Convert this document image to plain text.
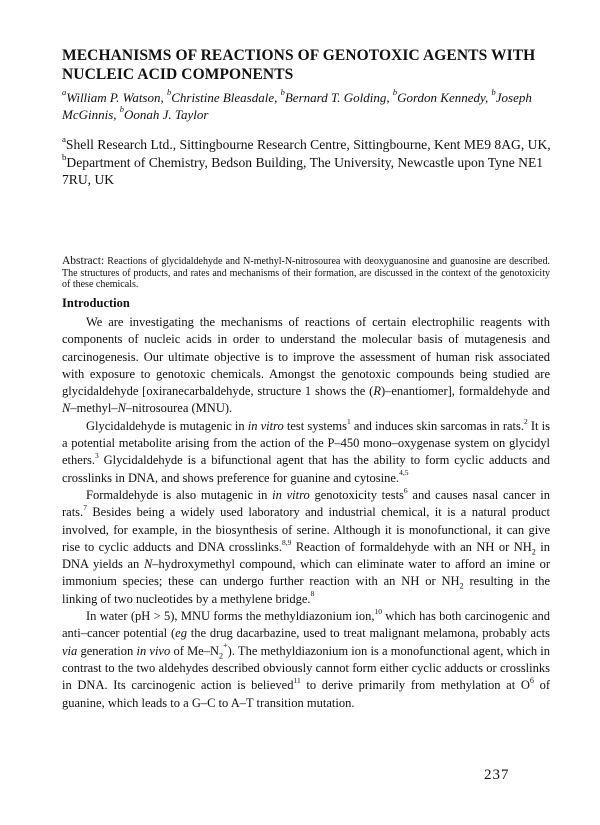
MECHANISMS OF REACTIONS OF GENOTOXIC AGENTS WITH
NUCLEIC ACID COMPONENTS
$^a$William P. Watson, $^b$Christine Bleasdale, $^b$Bernard T. Golding, $^b$Gordon Kennedy, $^b$Joseph McGinnis, $^b$Oonah J. Taylor
$^a$Shell Research Ltd., Sittingbourne Research Centre, Sittingbourne, Kent ME9 8AG, UK, $^b$Department of Chemistry, Bedson Building, The University, Newcastle upon Tyne NE1 7RU, UK
Abstract: Reactions of glycidaldehyde and N-methyl-N-nitrosourea with deoxyguanosine and guanosine are described. The structures of products, and rates and mechanisms of their formation, are discussed in the context of the genotoxicity of these chemicals.
Introduction

We are investigating the mechanisms of reactions of certain electrophilic reagents with components of nucleic acids in order to understand the molecular basis of mutagenesis and carcinogenesis. Our ultimate objective is to improve the assessment of human risk associated with exposure to genotoxic chemicals. Amongst the genotoxic compounds being studied are glycidaldehyde [oxiranecarbaldehyde, structure 1 shows the (R)–enantiomer], formaldehyde and N–methyl–N–nitrosourea (MNU).

Glycidaldehyde is mutagenic in in vitro test systems$^1$ and induces skin sarcomas in rats.$^2$ It is a potential metabolite arising from the action of the P–450 mono–oxygenase system on glycidyl ethers.$^3$ Glycidaldehyde is a bifunctional agent that has the ability to form cyclic adducts and crosslinks in DNA, and shows preference for guanine and cytosine.$^{4,5}$

Formaldehyde is also mutagenic in in vitro genotoxicity tests$^6$ and causes nasal cancer in rats.$^7$ Besides being a widely used laboratory and industrial chemical, it is a natural product involved, for example, in the biosynthesis of serine. Although it is monofunctional, it can give rise to cyclic adducts and DNA crosslinks.$^{8,9}$ Reaction of formaldehyde with an NH or $NH_2$ in DNA yields an N–hydroxymethyl compound, which can eliminate water to afford an imine or immonium species; these can undergo further reaction with an NH or $NH_2$ resulting in the linking of two nucleotides by a methylene bridge.$^8$

In water (pH > 5), MNU forms the methyldiazonium ion,$^{10}$ which has both carcinogenic and anti–cancer potential (eg the drug dacarbazine, used to treat malignant melamona, probably acts via generation in vivo of $Me-N_2^+$). The methyldiazonium ion is a monofunctional agent, which in contrast to the two aldehydes described obviously cannot form either cyclic adducts or crosslinks in DNA. Its carcinogenic action is believed$^{11}$ to derive primarily from methylation at $O^6$ of guanine, which leads to a G–C to A–T transition mutation.

237
